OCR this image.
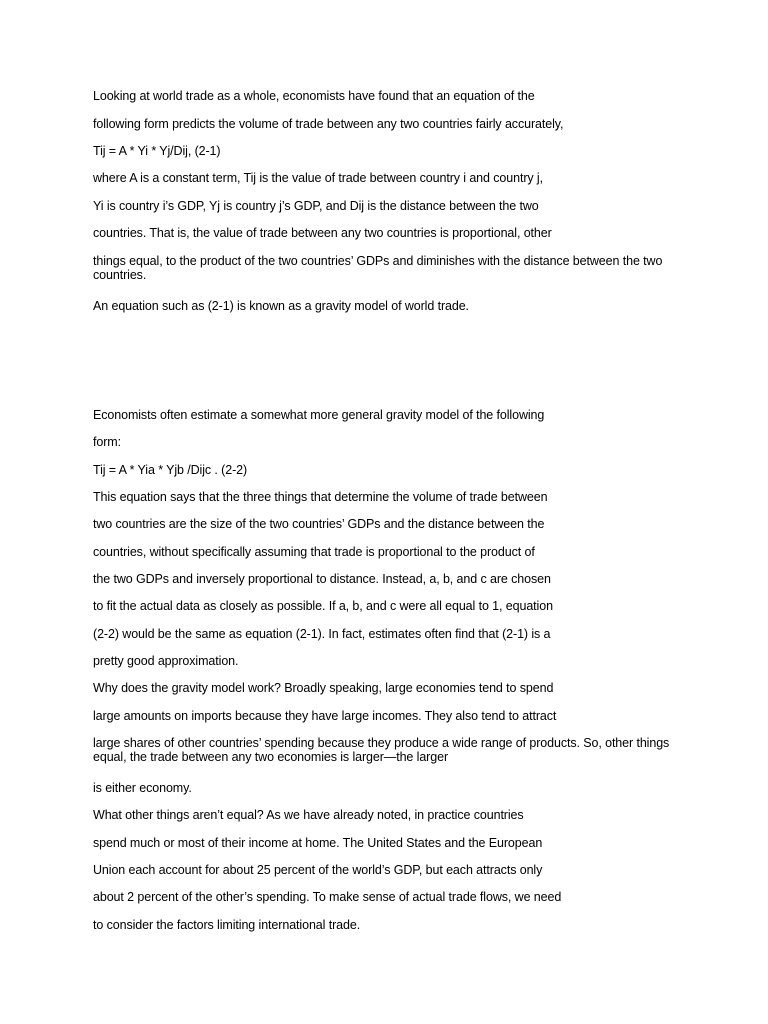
Looking at world trade as a whole, economists have found that an equation of the

following form predicts the volume of trade between any two countries fairly accurately,

Tij = A * Yi * Yj/Dij, (2-1)

where A is a constant term, Tij is the value of trade between country i and country j,

Yi is country i’s GDP, Yj is country j’s GDP, and Dij is the distance between the two

countries. That is, the value of trade between any two countries is proportional, other

things equal, to the product of the two countries’ GDPs and diminishes with the distance between the two countries.

An equation such as (2-1) is known as a gravity model of world trade.

Economists often estimate a somewhat more general gravity model of the following

form:

Tij = A * Yia * Yjb /Dijc . (2-2)

This equation says that the three things that determine the volume of trade between

two countries are the size of the two countries’ GDPs and the distance between the

countries, without specifically assuming that trade is proportional to the product of

the two GDPs and inversely proportional to distance. Instead, a, b, and c are chosen

to fit the actual data as closely as possible. If a, b, and c were all equal to 1, equation

(2-2) would be the same as equation (2-1). In fact, estimates often find that (2-1) is a

pretty good approximation.

Why does the gravity model work? Broadly speaking, large economies tend to spend

large amounts on imports because they have large incomes. They also tend to attract

large shares of other countries’ spending because they produce a wide range of products. So, other things equal, the trade between any two economies is larger—the larger

is either economy.

What other things aren’t equal? As we have already noted, in practice countries

spend much or most of their income at home. The United States and the European

Union each account for about 25 percent of the world’s GDP, but each attracts only

about 2 percent of the other’s spending. To make sense of actual trade flows, we need

to consider the factors limiting international trade.
